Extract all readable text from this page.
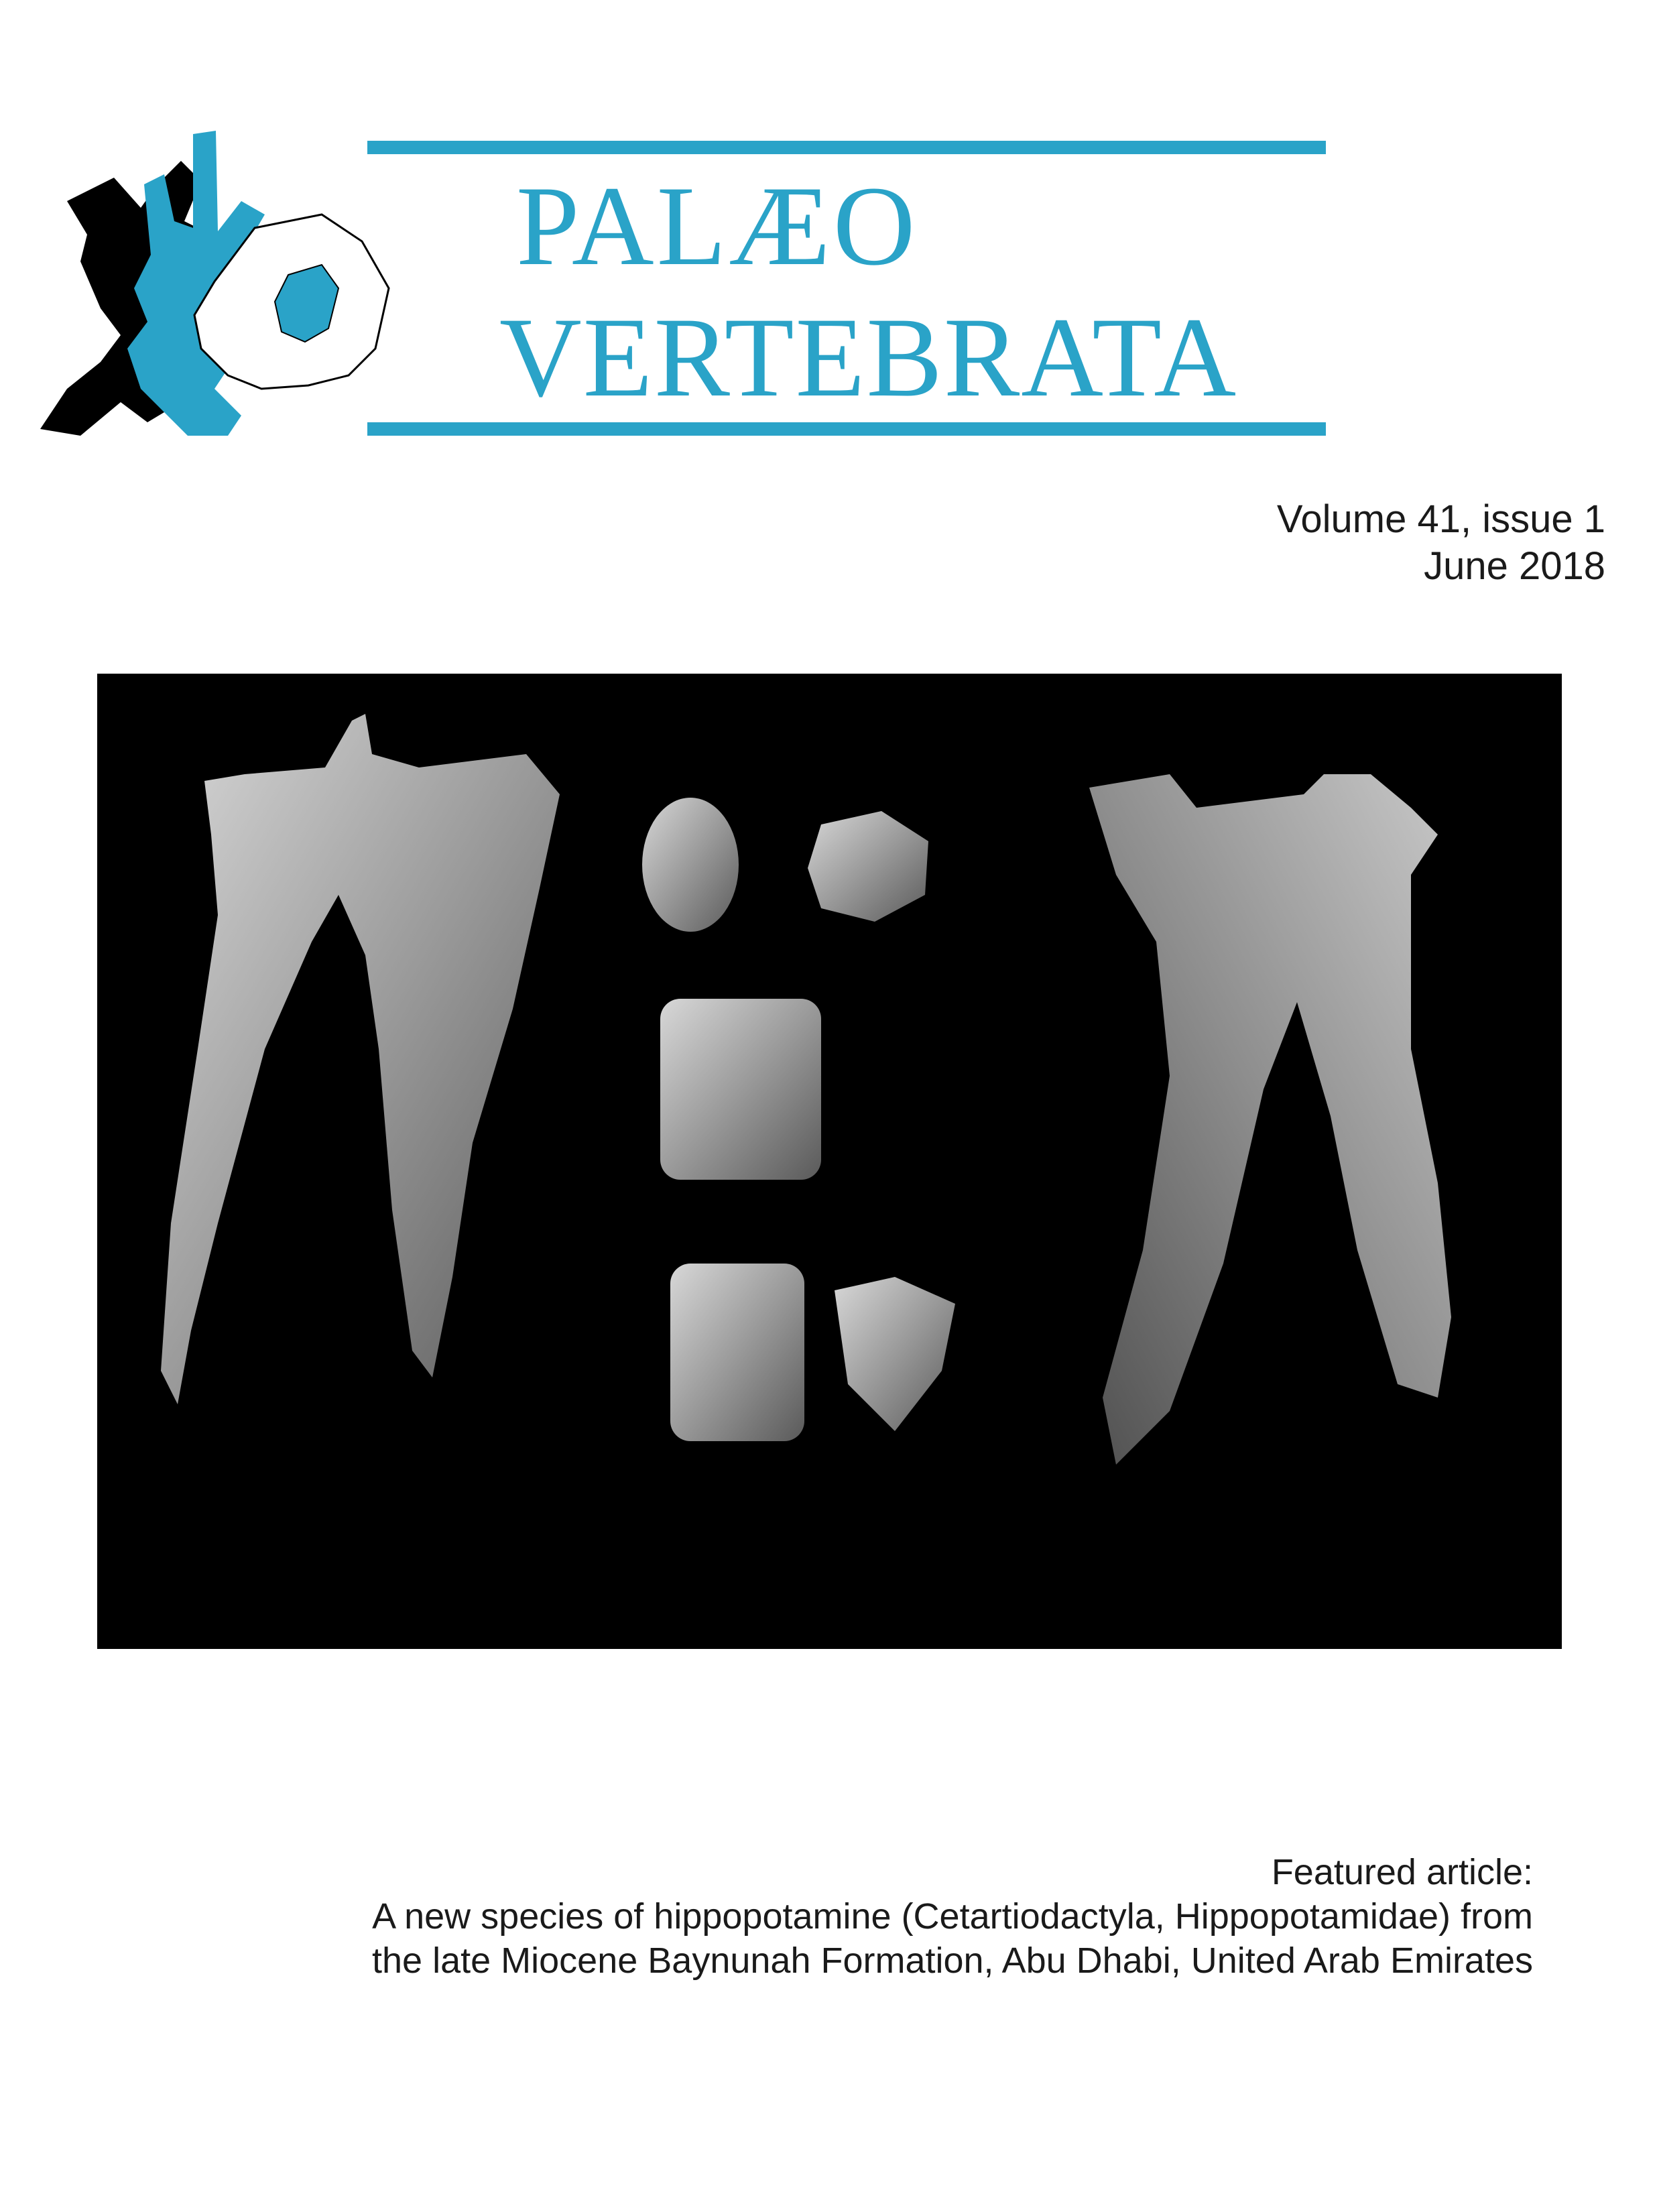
PALÆO
VERTEBRATA
Volume 41, issue 1
June 2018
Featured article:
A new species of hippopotamine (Cetartiodactyla, Hippopotamidae) from
the late Miocene Baynunah Formation, Abu Dhabi, United Arab Emirates
